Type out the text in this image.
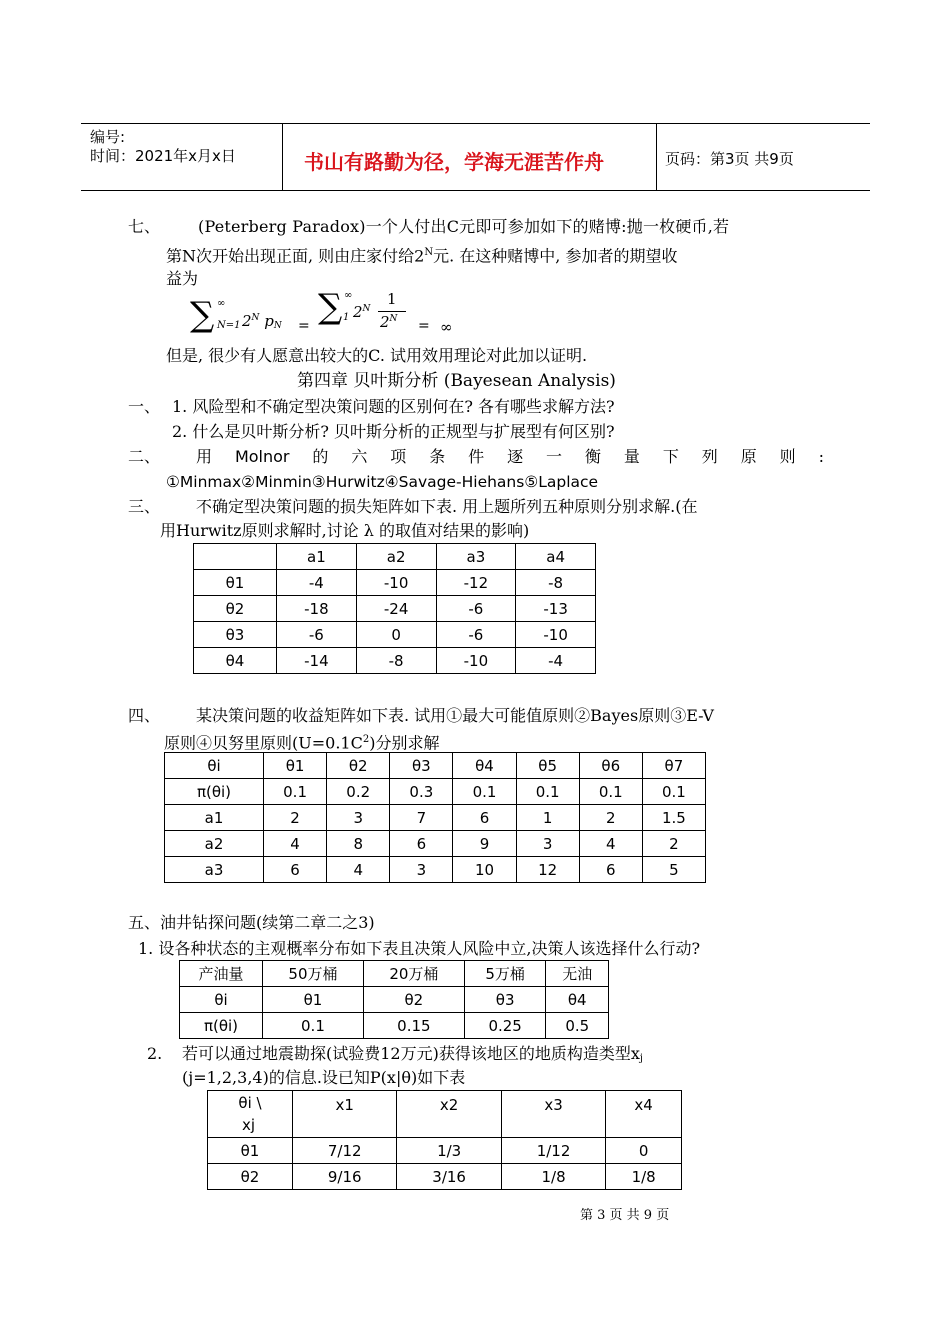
编号:
时间：2021年x月x日	书山有路勤为径，学海无涯苦作舟	页码：第3页 共9页
七、 (Peterberg Paradox)一个人付出C元即可参加如下的赌博:抛一枚硬币,若
第N次开始出现正面, 则由庄家付给$2^N$元. 在这种赌博中, 参加者的期望收
益为
∑ ∞
N=1 $2^N$ $p_N$ = ∑ ∞
1 $2^N$
1
$2^N$ = ∞
但是, 很少有人愿意出较大的C. 试用效用理论对此加以证明.
第四章 贝叶斯分析 (Bayesean Analysis)
一、 1. 风险型和不确定型决策问题的区别何在? 各有哪些求解方法?
2. 什么是贝叶斯分析? 贝叶斯分析的正规型与扩展型有何区别?
二、 用 Molnor 的 六 项 条 件 逐 一 衡 量 下 列 原 则 :
①Minmax②Minmin③Hurwitz④Savage-Hiehans⑤Laplace
三、 不确定型决策问题的损失矩阵如下表. 用上题所列五种原则分别求解.(在
用Hurwitz原则求解时,讨论 λ 的取值对结果的影响)
	a1	a2	a3	a4
θ1	-4	-10	-12	-8
θ2	-18	-24	-6	-13
θ3	-6	0	-6	-10
θ4	-14	-8	-10	-4
四、 某决策问题的收益矩阵如下表. 试用①最大可能值原则②Bayes原则③E-V
原则④贝努里原则$(U=0.1C^2)$分别求解
θi	θ1	θ2	θ3	θ4	θ5	θ6	θ7
π(θi)	0.1	0.2	0.3	0.1	0.1	0.1	0.1
a1	2	3	7	6	1	2	1.5
a2	4	8	6	9	3	4	2
a3	6	4	3	10	12	6	5
五、油井钻探问题(续第二章二之3)
1. 设各种状态的主观概率分布如下表且决策人风险中立,决策人该选择什么行动?
产油量	50万桶	20万桶	5万桶	无油
θi	θ1	θ2	θ3	θ4
π(θi)	0.1	0.15	0.25	0.5
2. 若可以通过地震勘探(试验费12万元)获得该地区的地质构造类型$x_j$
(j=1,2,3,4)的信息.设已知P(x|θ)如下表
θi \
xj	x1	x2	x3	x4
θ1	7/12	1/3	1/12	0
θ2	9/16	3/16	1/8	1/8
第 3 页 共 9 页
